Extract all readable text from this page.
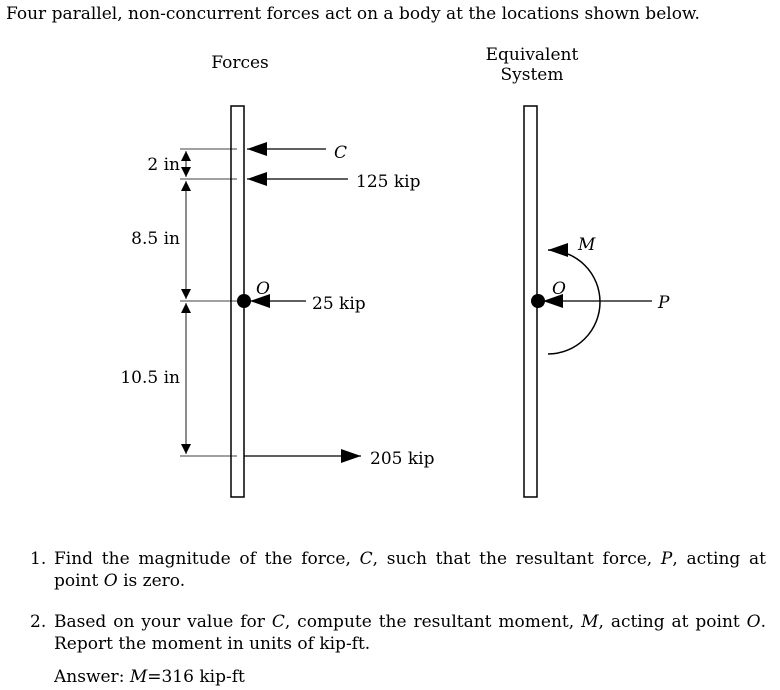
Four parallel, non-concurrent forces act on a body at the locations shown below.
Forces
2 in
8.5 in
10.5 in
C
125 kip
25 kip
205 kip
O
Equivalent
System
M
P
O
1. Find the magnitude of the force, C, such that the resultant force, P, acting at point O is zero.
2. Based on your value for C, compute the resultant moment, M, acting at point O. Report the moment in units of kip-ft.
Answer: M=316 kip-ft
